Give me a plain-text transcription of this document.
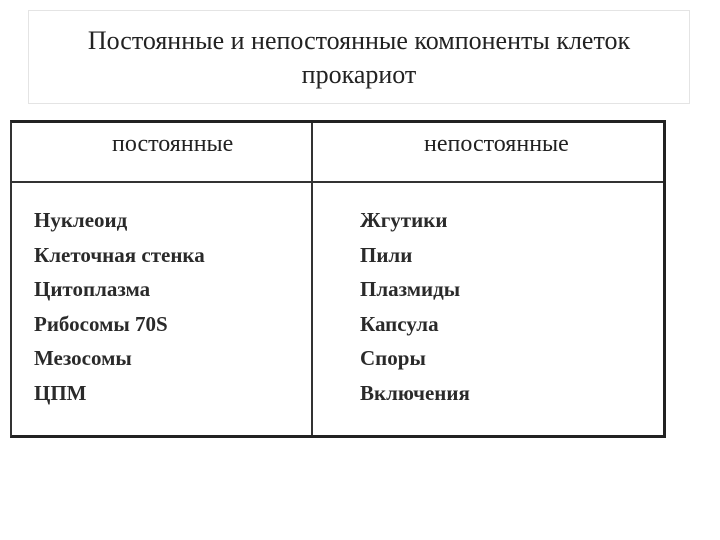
Постоянные и непостоянные компоненты клеток
прокариот
постоянные	непостоянные
Нуклеоид
Клеточная стенка
Цитоплазма
Рибосомы 70S
Мезосомы
ЦПМ
Жгутики
Пили
Плазмиды
Капсула
Споры
Включения
